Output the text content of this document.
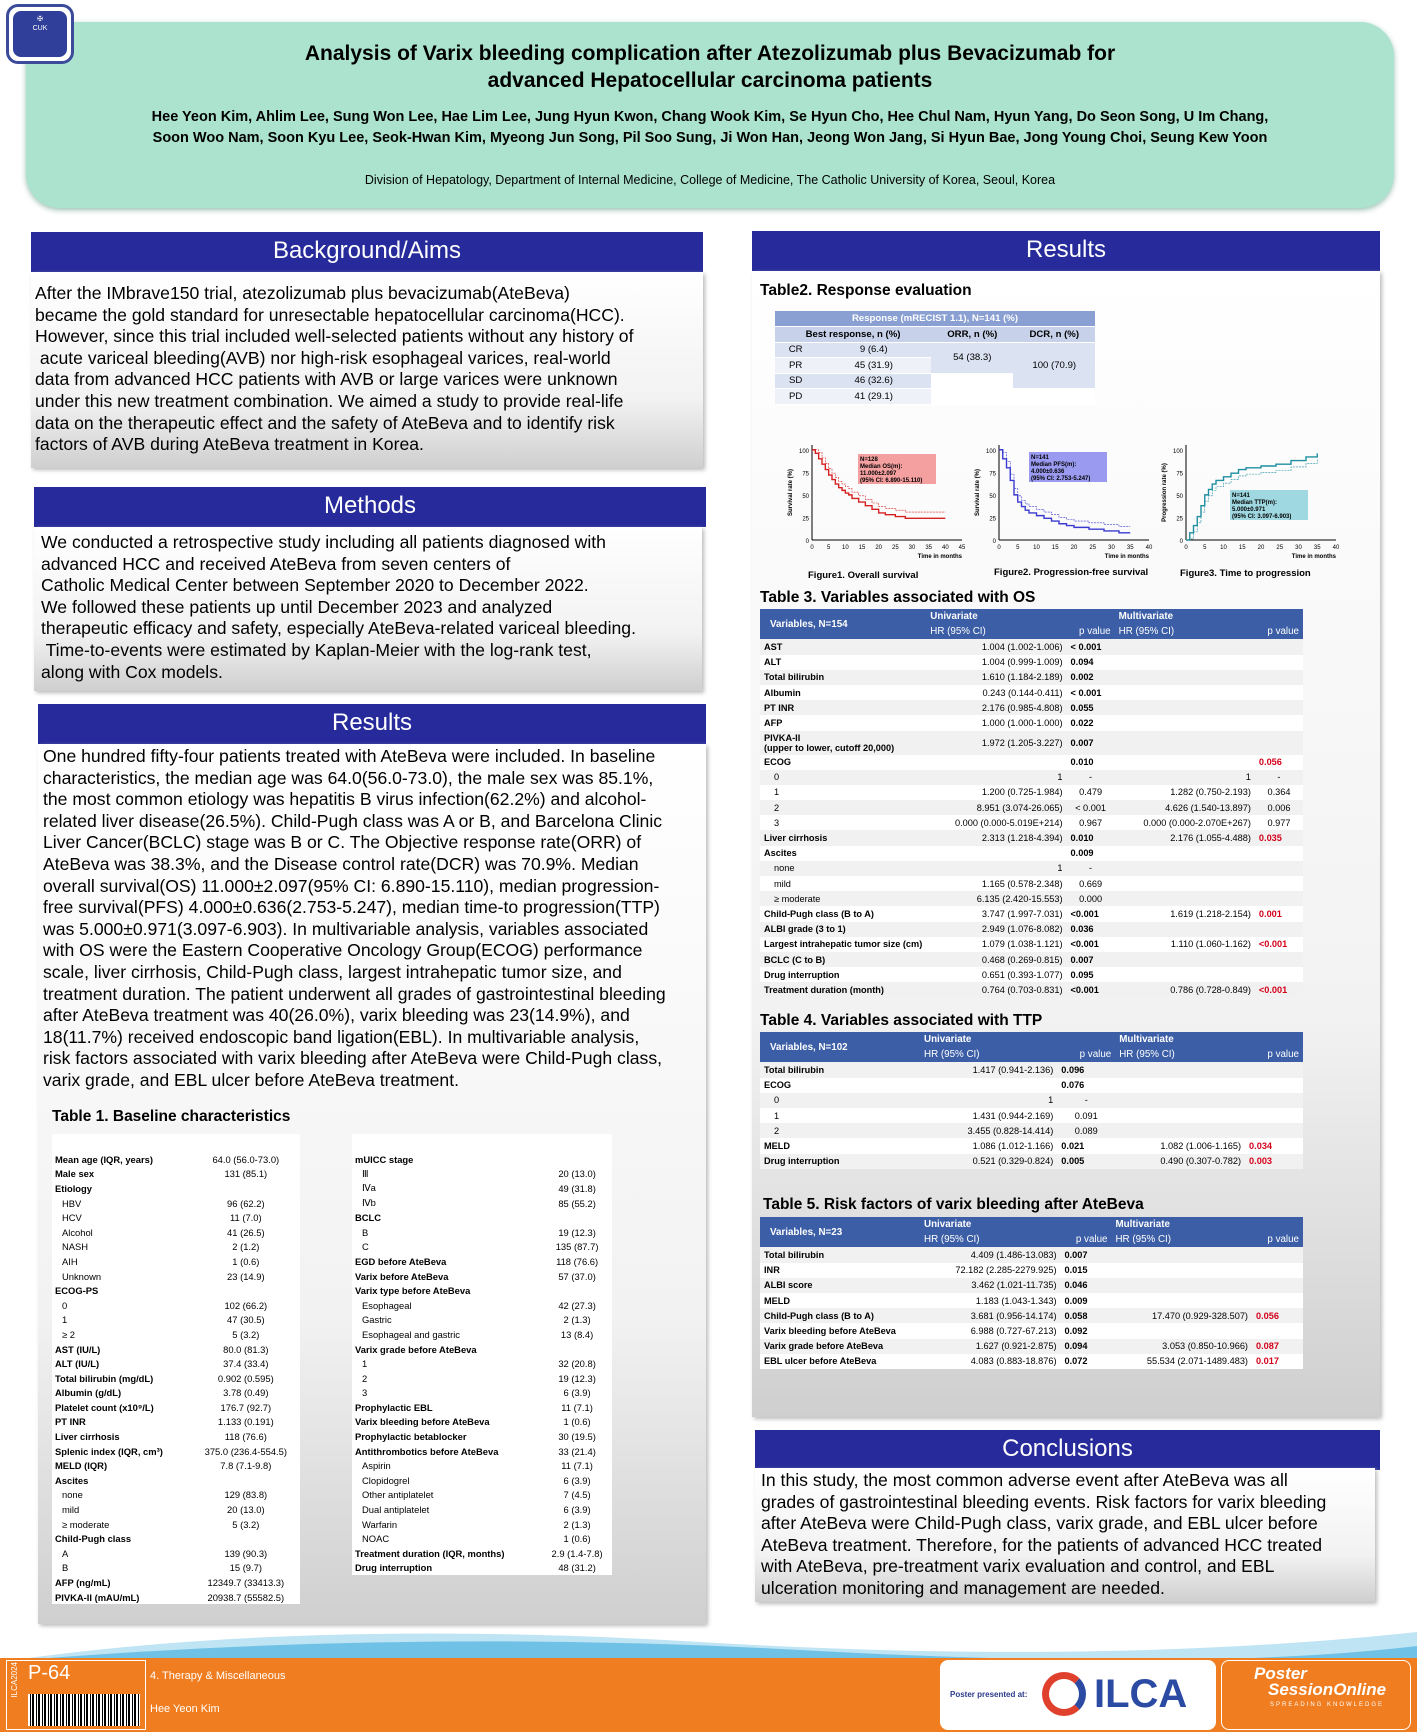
✠
CUK
Analysis of Varix bleeding complication after Atezolizumab plus Bevacizumab for
advanced Hepatocellular carcinoma patients
Hee Yeon Kim, Ahlim Lee, Sung Won Lee, Hae Lim Lee, Jung Hyun Kwon, Chang Wook Kim, Se Hyun Cho, Hee Chul Nam, Hyun Yang, Do Seon Song, U Im Chang,
Soon Woo Nam, Soon Kyu Lee, Seok-Hwan Kim, Myeong Jun Song, Pil Soo Sung, Ji Won Han, Jeong Won Jang, Si Hyun Bae, Jong Young Choi, Seung Kew Yoon
Division of Hepatology, Department of Internal Medicine, College of Medicine, The Catholic University of Korea, Seoul, Korea
Background/Aims
After the IMbrave150 trial, atezolizumab plus bevacizumab(AteBeva)
became the gold standard for unresectable hepatocellular carcinoma(HCC).
However, since this trial included well-selected patients without any history of
acute variceal bleeding(AVB) nor high-risk esophageal varices, real-world
data from advanced HCC patients with AVB or large varices were unknown
under this new treatment combination. We aimed a study to provide real-life
data on the therapeutic effect and the safety of AteBeva and to identify risk
factors of AVB during AteBeva treatment in Korea.
Methods
We conducted a retrospective study including all patients diagnosed with
advanced HCC and received AteBeva from seven centers of
Catholic Medical Center between September 2020 to December 2022.
We followed these patients up until December 2023 and analyzed
therapeutic efficacy and safety, especially AteBeva-related variceal bleeding.
Time-to-events were estimated by Kaplan-Meier with the log-rank test,
along with Cox models.
Results
One hundred fifty-four patients treated with AteBeva were included. In baseline
characteristics, the median age was 64.0(56.0-73.0), the male sex was 85.1%,
the most common etiology was hepatitis B virus infection(62.2%) and alcohol-
related liver disease(26.5%). Child-Pugh class was A or B, and Barcelona Clinic
Liver Cancer(BCLC) stage was B or C. The Objective response rate(ORR) of
AteBeva was 38.3%, and the Disease control rate(DCR) was 70.9%. Median
overall survival(OS) 11.000±2.097(95% CI: 6.890-15.110), median progression-
free survival(PFS) 4.000±0.636(2.753-5.247), median time-to progression(TTP)
was 5.000±0.971(3.097-6.903). In multivariable analysis, variables associated
with OS were the Eastern Cooperative Oncology Group(ECOG) performance
scale, liver cirrhosis, Child-Pugh class, largest intrahepatic tumor size, and
treatment duration. The patient underwent all grades of gastrointestinal bleeding
after AteBeva treatment was 40(26.0%), varix bleeding was 23(14.9%), and
18(11.7%) received endoscopic band ligation(EBL). In multivariable analysis,
risk factors associated with varix bleeding after AteBeva were Child-Pugh class,
varix grade, and EBL ulcer before AteBeva treatment.
Table 1. Baseline characteristics
Variables	N=154 (%)
Mean age (IQR, years)	64.0 (56.0-73.0)
Male sex	131 (85.1)
Etiology	
HBV	96 (62.2)
HCV	11 (7.0)
Alcohol	41 (26.5)
NASH	2 (1.2)
AIH	1 (0.6)
Unknown	23 (14.9)
ECOG-PS	
0	102 (66.2)
1	47 (30.5)
≥ 2	5 (3.2)
AST (IU/L)	80.0 (81.3)
ALT (IU/L)	37.4 (33.4)
Total bilirubin (mg/dL)	0.902 (0.595)
Albumin (g/dL)	3.78 (0.49)
Platelet count (x10⁹/L)	176.7 (92.7)
PT INR	1.133 (0.191)
Liver cirrhosis	118 (76.6)
Splenic index (IQR, cm³)	375.0 (236.4-554.5)
MELD (IQR)	7.8 (7.1-9.8)
Ascites	
none	129 (83.8)
mild	20 (13.0)
≥ moderate	5 (3.2)
Child-Pugh class	
A	139 (90.3)
B	15 (9.7)
AFP (ng/mL)	12349.7 (33413.3)
PIVKA-II (mAU/mL)	20938.7 (55582.5)
(Continued)	N=154 (%)
mUICC stage	
Ⅲ	20 (13.0)
Ⅳa	49 (31.8)
Ⅳb	85 (55.2)
BCLC	
B	19 (12.3)
C	135 (87.7)
EGD before AteBeva	118 (76.6)
Varix before AteBeva	57 (37.0)
Varix type before AteBeva	
Esophageal	42 (27.3)
Gastric	2 (1.3)
Esophageal and gastric	13 (8.4)
Varix grade before AteBeva	
1	32 (20.8)
2	19 (12.3)
3	6 (3.9)
Prophylactic EBL	11 (7.1)
Varix bleeding before AteBeva	1 (0.6)
Prophylactic betablocker	30 (19.5)
Antithrombotics before AteBeva	33 (21.4)
Aspirin	11 (7.1)
Clopidogrel	6 (3.9)
Other antiplatelet	7 (4.5)
Dual antiplatelet	6 (3.9)
Warfarin	2 (1.3)
NOAC	1 (0.6)
Treatment duration (IQR, months)	2.9 (1.4-7.8)
Drug interruption	48 (31.2)
Results
Table2. Response evaluation
Response (mRECIST 1.1), N=141 (%)			
Best response, n (%)		ORR, n (%)	DCR, n (%)
CR	9 (6.4)	54 (38.3)	100 (70.9)
PR	45 (31.9)		
SD	46 (32.6)		
PD	41 (29.1)		
0
25
50
75
100
0 5 10 15 20 25 30 35 40 45
Time in months
Survival rate (%)
N=128
Median OS(m):
11.000±2.097
(95% CI: 6.890-15.110)
0
25
50
75
100
0	5 10 15 20 25 30 35 40
Time in months
Survival rate (%)
N=141
Median PFS(m):
4.000±0.636
(95% CI: 2.753-5.247)
0
25
50
75
100
0	5 10 15 20 25 30 35 40
Time in months
Progression rate (%)	N=141
Median TTP(m):
5.000±0.971
(95% CI: 3.097-6.903)
Figure1. Overall survival	Figure2. Progression-free survival	Figure3. Time to progression
Table 3. Variables associated with OS
Variables, N=154	Univariate		Multivariate	
	HR (95% CI)	p value	HR (95% CI)	p value
AST	1.004 (1.002-1.006)	< 0.001		
ALT	1.004 (0.999-1.009)	0.094		
Total bilirubin	1.610 (1.184-2.189)	0.002		
Albumin	0.243 (0.144-0.411)	< 0.001		
PT INR	2.176 (0.985-4.808)	0.055		
AFP	1.000 (1.000-1.000)	0.022		
PIVKA-II
(upper to lower, cutoff 20,000)	1.972 (1.205-3.227)	0.007		
ECOG		0.010		0.056
0	1	-	1	-
1	1.200 (0.725-1.984)	0.479	1.282 (0.750-2.193)	0.364
2	8.951 (3.074-26.065)	< 0.001	4.626 (1.540-13.897)	0.006
3	0.000 (0.000-5.019E+214)	0.967	0.000 (0.000-2.070E+267)	0.977
Liver cirrhosis	2.313 (1.218-4.394)	0.010	2.176 (1.055-4.488)	0.035
Ascites		0.009		
none	1	-		
mild	1.165 (0.578-2.348)	0.669		
≥ moderate	6.135 (2.420-15.553)	0.000		
Child-Pugh class (B to A)	3.747 (1.997-7.031)	<0.001	1.619 (1.218-2.154)	0.001
ALBI grade (3 to 1)	2.949 (1.076-8.082)	0.036		
Largest intrahepatic tumor size (cm)	1.079 (1.038-1.121)	<0.001	1.110 (1.060-1.162)	<0.001
BCLC (C to B)	0.468 (0.269-0.815)	0.007		
Drug interruption	0.651 (0.393-1.077)	0.095		
Treatment duration (month)	0.764 (0.703-0.831)	<0.001	0.786 (0.728-0.849)	<0.001
Table 4. Variables associated with TTP
Variables, N=102	Univariate		Multivariate	
	HR (95% CI)	p value	HR (95% CI)	p value
Total bilirubin	1.417 (0.941-2.136)	0.096		
ECOG		0.076		
0	1	-		
1	1.431 (0.944-2.169)	0.091		
2	3.455 (0.828-14.414)	0.089		
MELD	1.086 (1.012-1.166)	0.021	1.082 (1.006-1.165)	0.034
Drug interruption	0.521 (0.329-0.824)	0.005	0.490 (0.307-0.782)	0.003
Table 5. Risk factors of varix bleeding after AteBeva
Variables, N=23	Univariate		Multivariate	
	HR (95% CI)	p value	HR (95% CI)	p value
Total bilirubin	4.409 (1.486-13.083)	0.007		
INR	72.182 (2.285-2279.925)	0.015		
ALBI score	3.462 (1.021-11.735)	0.046		
MELD	1.183 (1.043-1.343)	0.009		
Child-Pugh class (B to A)	3.681 (0.956-14.174)	0.058	17.470 (0.929-328.507)	0.056
Varix bleeding before AteBeva	6.988 (0.727-67.213)	0.092		
Varix grade before AteBeva	1.627 (0.921-2.875)	0.094	3.053 (0.850-10.966)	0.087
EBL ulcer before AteBeva	4.083 (0.883-18.876)	0.072	55.534 (2.071-1489.483)	0.017
Conclusions
In this study, the most common adverse event after AteBeva was all
grades of gastrointestinal bleeding events. Risk factors for varix bleeding
after AteBeva were Child-Pugh class, varix grade, and EBL ulcer before
AteBeva treatment. Therefore, for the patients of advanced HCC treated
with AteBeva, pre-treatment varix evaluation and control, and EBL
ulceration monitoring and management are needed.
ILCA2024 P-64	4. Therapy & Miscellaneous
Hee Yeon Kim
Poster presented at: ILCA	Poster
SessionOnline
SPREADING KNOWLEDGE
